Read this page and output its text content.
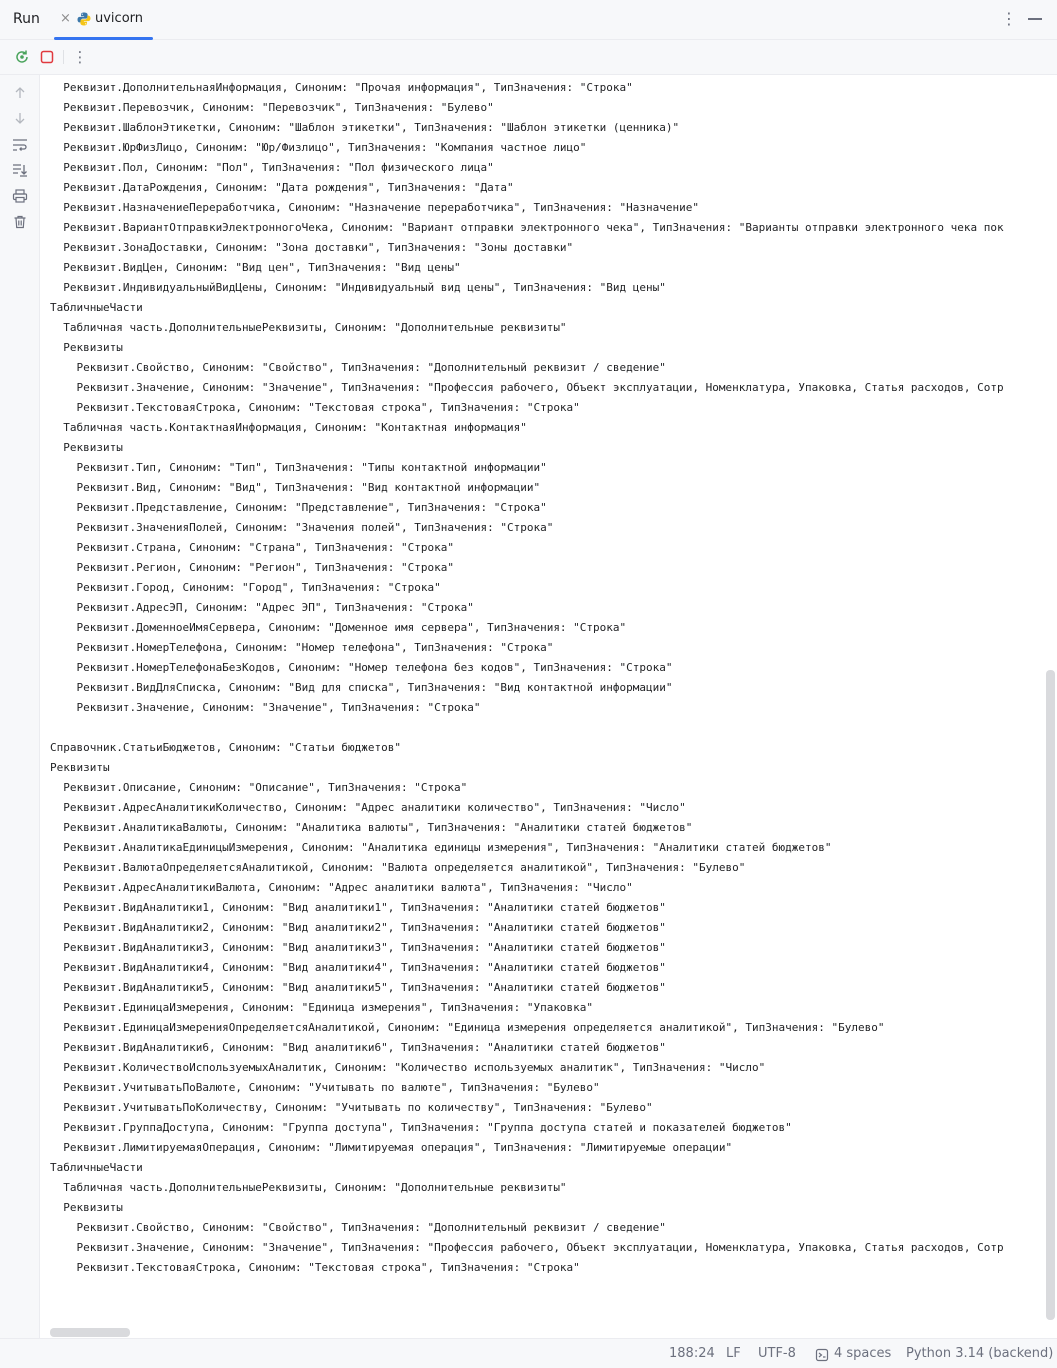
Run × uvicorn	⋮
⋮
Реквизит.ДополнительнаяИнформация, Синоним: "Прочая информация", ТипЗначения: "Строка"
Реквизит.Перевозчик, Синоним: "Перевозчик", ТипЗначения: "Булево"
Реквизит.ШаблонЭтикетки, Синоним: "Шаблон этикетки", ТипЗначения: "Шаблон этикетки (ценника)"
Реквизит.ЮрФизЛицо, Синоним: "Юр/Физлицо", ТипЗначения: "Компания частное лицо"
Реквизит.Пол, Синоним: "Пол", ТипЗначения: "Пол физического лица"
Реквизит.ДатаРождения, Синоним: "Дата рождения", ТипЗначения: "Дата"
Реквизит.НазначениеПереработчика, Синоним: "Назначение переработчика", ТипЗначения: "Назначение"
Реквизит.ВариантОтправкиЭлектронногоЧека, Синоним: "Вариант отправки электронного чека", ТипЗначения: "Варианты отправки электронного чека пок
Реквизит.ЗонаДоставки, Синоним: "Зона доставки", ТипЗначения: "Зоны доставки"
Реквизит.ВидЦен, Синоним: "Вид цен", ТипЗначения: "Вид цены"
Реквизит.ИндивидуальныйВидЦены, Синоним: "Индивидуальный вид цены", ТипЗначения: "Вид цены"
ТабличныеЧасти
Табличная часть.ДополнительныеРеквизиты, Синоним: "Дополнительные реквизиты"
Реквизиты
Реквизит.Свойство, Синоним: "Свойство", ТипЗначения: "Дополнительный реквизит / сведение"
Реквизит.Значение, Синоним: "Значение", ТипЗначения: "Профессия рабочего, Объект эксплуатации, Номенклатура, Упаковка, Статья расходов, Сотр
Реквизит.ТекстоваяСтрока, Синоним: "Текстовая строка", ТипЗначения: "Строка"
Табличная часть.КонтактнаяИнформация, Синоним: "Контактная информация"
Реквизиты
Реквизит.Тип, Синоним: "Тип", ТипЗначения: "Типы контактной информации"
Реквизит.Вид, Синоним: "Вид", ТипЗначения: "Вид контактной информации"
Реквизит.Представление, Синоним: "Представление", ТипЗначения: "Строка"
Реквизит.ЗначенияПолей, Синоним: "Значения полей", ТипЗначения: "Строка"
Реквизит.Страна, Синоним: "Страна", ТипЗначения: "Строка"
Реквизит.Регион, Синоним: "Регион", ТипЗначения: "Строка"
Реквизит.Город, Синоним: "Город", ТипЗначения: "Строка"
Реквизит.АдресЭП, Синоним: "Адрес ЭП", ТипЗначения: "Строка"
Реквизит.ДоменноеИмяСервера, Синоним: "Доменное имя сервера", ТипЗначения: "Строка"
Реквизит.НомерТелефона, Синоним: "Номер телефона", ТипЗначения: "Строка"
Реквизит.НомерТелефонаБезКодов, Синоним: "Номер телефона без кодов", ТипЗначения: "Строка"
Реквизит.ВидДляСписка, Синоним: "Вид для списка", ТипЗначения: "Вид контактной информации"
Реквизит.Значение, Синоним: "Значение", ТипЗначения: "Строка"
Справочник.СтатьиБюджетов, Синоним: "Статьи бюджетов"
Реквизиты
Реквизит.Описание, Синоним: "Описание", ТипЗначения: "Строка"
Реквизит.АдресАналитикиКоличество, Синоним: "Адрес аналитики количество", ТипЗначения: "Число"
Реквизит.АналитикаВалюты, Синоним: "Аналитика валюты", ТипЗначения: "Аналитики статей бюджетов"
Реквизит.АналитикаЕдиницыИзмерения, Синоним: "Аналитика единицы измерения", ТипЗначения: "Аналитики статей бюджетов"
Реквизит.ВалютаОпределяетсяАналитикой, Синоним: "Валюта определяется аналитикой", ТипЗначения: "Булево"
Реквизит.АдресАналитикиВалюта, Синоним: "Адрес аналитики валюта", ТипЗначения: "Число"
Реквизит.ВидАналитики1, Синоним: "Вид аналитики1", ТипЗначения: "Аналитики статей бюджетов"
Реквизит.ВидАналитики2, Синоним: "Вид аналитики2", ТипЗначения: "Аналитики статей бюджетов"
Реквизит.ВидАналитики3, Синоним: "Вид аналитики3", ТипЗначения: "Аналитики статей бюджетов"
Реквизит.ВидАналитики4, Синоним: "Вид аналитики4", ТипЗначения: "Аналитики статей бюджетов"
Реквизит.ВидАналитики5, Синоним: "Вид аналитики5", ТипЗначения: "Аналитики статей бюджетов"
Реквизит.ЕдиницаИзмерения, Синоним: "Единица измерения", ТипЗначения: "Упаковка"
Реквизит.ЕдиницаИзмеренияОпределяетсяАналитикой, Синоним: "Единица измерения определяется аналитикой", ТипЗначения: "Булево"
Реквизит.ВидАналитики6, Синоним: "Вид аналитики6", ТипЗначения: "Аналитики статей бюджетов"
Реквизит.КоличествоИспользуемыхАналитик, Синоним: "Количество используемых аналитик", ТипЗначения: "Число"
Реквизит.УчитыватьПоВалюте, Синоним: "Учитывать по валюте", ТипЗначения: "Булево"
Реквизит.УчитыватьПоКоличеству, Синоним: "Учитывать по количеству", ТипЗначения: "Булево"
Реквизит.ГруппаДоступа, Синоним: "Группа доступа", ТипЗначения: "Группа доступа статей и показателей бюджетов"
Реквизит.ЛимитируемаяОперация, Синоним: "Лимитируемая операция", ТипЗначения: "Лимитируемые операции"
ТабличныеЧасти
Табличная часть.ДополнительныеРеквизиты, Синоним: "Дополнительные реквизиты"
Реквизиты
Реквизит.Свойство, Синоним: "Свойство", ТипЗначения: "Дополнительный реквизит / сведение"
Реквизит.Значение, Синоним: "Значение", ТипЗначения: "Профессия рабочего, Объект эксплуатации, Номенклатура, Упаковка, Статья расходов, Сотр
Реквизит.ТекстоваяСтрока, Синоним: "Текстовая строка", ТипЗначения: "Строка"
188:24 LF UTF-8	4 spaces Python 3.14 (backend)
